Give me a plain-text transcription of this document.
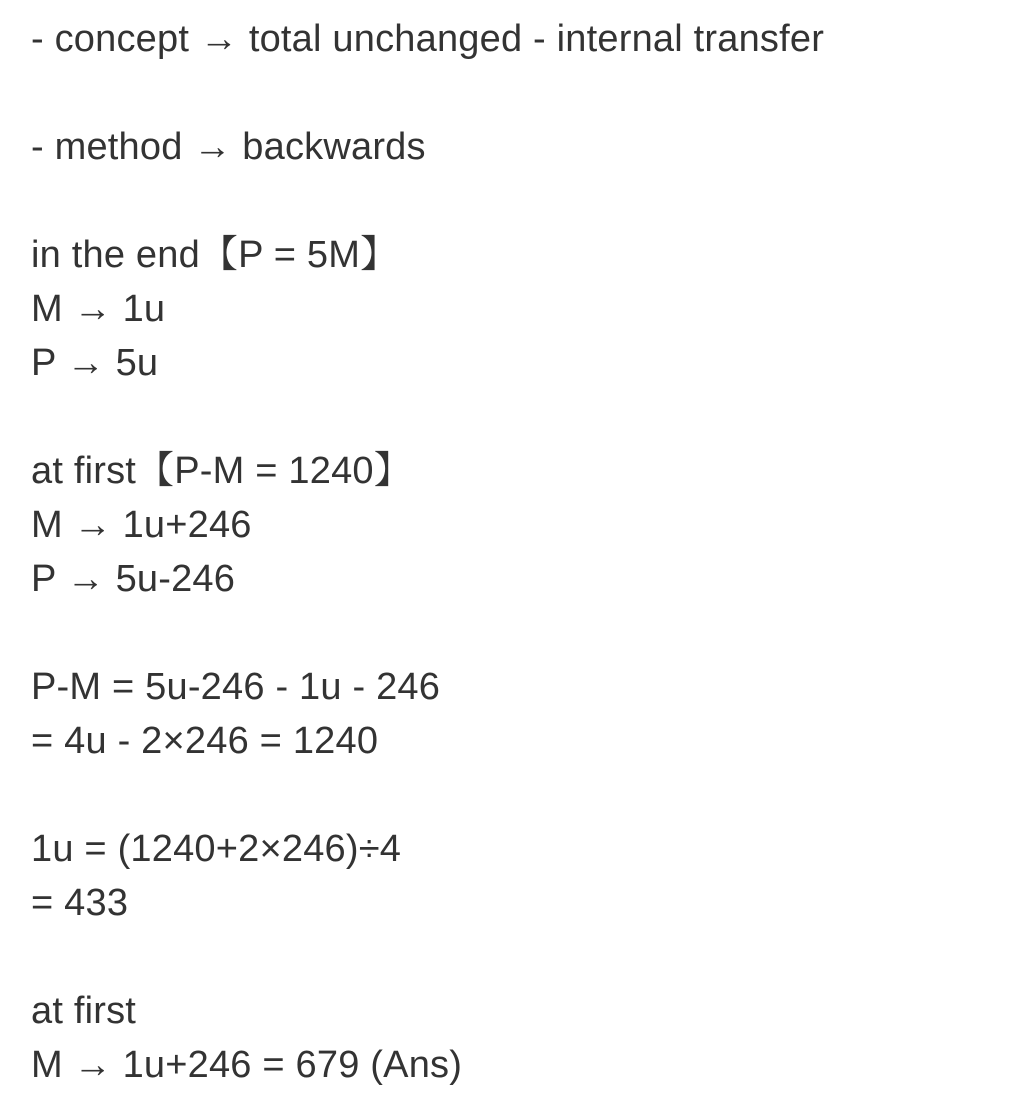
- concept → total unchanged - internal transfer
- method → backwards
in the end【P = 5M】
M → 1u
P → 5u
at first【P-M = 1240】
M → 1u+246
P → 5u-246
P-M = 5u-246 - 1u - 246
= 4u - 2×246 = 1240
1u = (1240+2×246)÷4
= 433
at first
M → 1u+246 = 679 (Ans)
